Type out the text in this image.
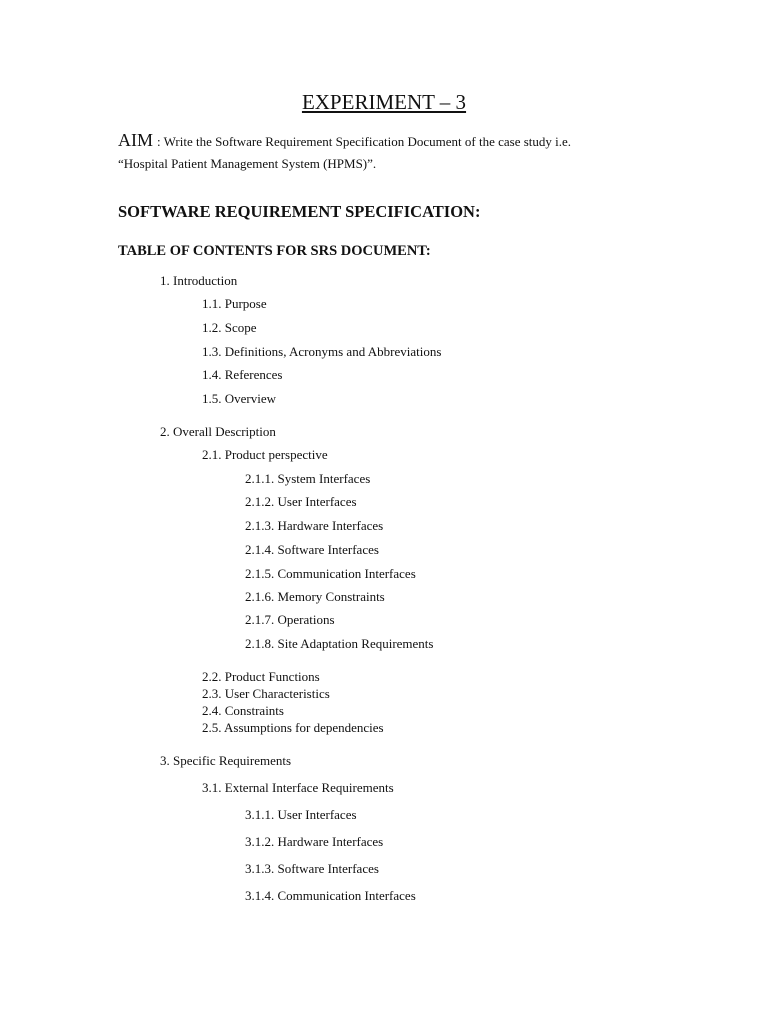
EXPERIMENT – 3
AIM : Write the Software Requirement Specification Document of the case study i.e.
“Hospital Patient Management System (HPMS)”.
SOFTWARE REQUIREMENT SPECIFICATION:
TABLE OF CONTENTS FOR SRS DOCUMENT:
1. Introduction
1.1. Purpose
1.2. Scope
1.3. Definitions, Acronyms and Abbreviations
1.4. References
1.5. Overview
2. Overall Description
2.1. Product perspective
2.1.1. System Interfaces
2.1.2. User Interfaces
2.1.3. Hardware Interfaces
2.1.4. Software Interfaces
2.1.5. Communication Interfaces
2.1.6. Memory Constraints
2.1.7. Operations
2.1.8. Site Adaptation Requirements
2.2. Product Functions
2.3. User Characteristics
2.4. Constraints
2.5. Assumptions for dependencies
3. Specific Requirements
3.1. External Interface Requirements
3.1.1. User Interfaces
3.1.2. Hardware Interfaces
3.1.3. Software Interfaces
3.1.4. Communication Interfaces
